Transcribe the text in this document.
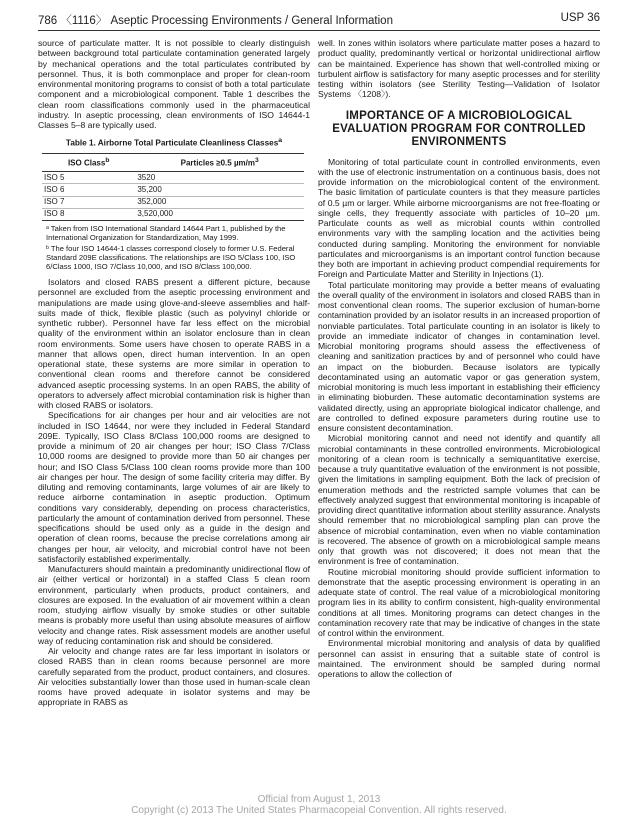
786 〈1116〉 Aseptic Processing Environments / General Information	USP 36

source of particulate matter. It is not possible to clearly distinguish between background total particulate contamination generated largely by mechanical operations and the total particulates contributed by personnel. Thus, it is both commonplace and proper for clean-room environmental monitoring programs to consist of both a total particulate component and a microbiological component. Table 1 describes the clean room classifications commonly used in the pharmaceutical industry. In aseptic processing, clean environments of ISO 14644-1 Classes 5–8 are typically used.

Table 1. Airborne Total Particulate Cleanliness Classes$^a$
ISO Class$^b$	Particles ≥0.5 $\mu m/m^3$
ISO 5	3520
ISO 6	35,200
ISO 7	352,000
ISO 8	3,520,000
ᵃ Taken from ISO International Standard 14644 Part 1, published by the International Organization for Standardization, May 1999.
ᵇ The four ISO 14644-1 classes correspond closely to former U.S. Federal Standard 209E classifications. The relationships are ISO 5/Class 100, ISO 6/Class 1000, ISO 7/Class 10,000, and ISO 8/Class 100,000.

Isolators and closed RABS present a different picture, because personnel are excluded from the aseptic processing environment and manipulations are made using glove-and-sleeve assemblies and half-suits made of thick, flexible plastic (such as polyvinyl chloride or synthetic rubber). Personnel have far less effect on the microbial quality of the environment within an isolator enclosure than in clean room environments. Some users have chosen to operate RABS in a manner that allows open, direct human intervention. In an open operational state, these systems are more similar in operation to conventional clean rooms and therefore cannot be considered advanced aseptic processing systems. In an open RABS, the ability of operators to adversely affect microbial contamination risk is higher than with closed RABS or isolators.

Specifications for air changes per hour and air velocities are not included in ISO 14644, nor were they included in Federal Standard 209E. Typically, ISO Class 8/Class 100,000 rooms are designed to provide a minimum of 20 air changes per hour; ISO Class 7/Class 10,000 rooms are designed to provide more than 50 air changes per hour; and ISO Class 5/Class 100 clean rooms provide more than 100 air changes per hour. The design of some facility criteria may differ. By diluting and removing contaminants, large volumes of air are likely to reduce airborne contamination in aseptic production. Optimum conditions vary considerably, depending on process characteristics, particularly the amount of contamination derived from personnel. These specifications should be used only as a guide in the design and operation of clean rooms, because the precise correlations among air changes per hour, air velocity, and microbial control have not been satisfactorily established experimentally.

Manufacturers should maintain a predominantly unidirectional flow of air (either vertical or horizontal) in a staffed Class 5 clean room environment, particularly when products, product containers, and closures are exposed. In the evaluation of air movement within a clean room, studying airflow visually by smoke studies or other suitable means is probably more useful than using absolute measures of airflow velocity and change rates. Risk assessment models are another useful way of reducing contamination risk and should be considered.

Air velocity and change rates are far less important in isolators or closed RABS than in clean rooms because personnel are more carefully separated from the product, product containers, and closures. Air velocities substantially lower than those used in human-scale clean rooms have proved adequate in isolator systems and may be appropriate in RABS as

well. In zones within isolators where particulate matter poses a hazard to product quality, predominantly vertical or horizontal unidirectional airflow can be maintained. Experience has shown that well-controlled mixing or turbulent airflow is satisfactory for many aseptic processes and for sterility testing within isolators (see Sterility Testing—Validation of Isolator Systems 〈1208〉).

IMPORTANCE OF A MICROBIOLOGICAL EVALUATION PROGRAM FOR CONTROLLED ENVIRONMENTS

Monitoring of total particulate count in controlled environments, even with the use of electronic instrumentation on a continuous basis, does not provide information on the microbiological content of the environment. The basic limitation of particulate counters is that they measure particles of 0.5 µm or larger. While airborne microorganisms are not free-floating or single cells, they frequently associate with particles of 10–20 µm. Particulate counts as well as microbial counts within controlled environments vary with the sampling location and the activities being conducted during sampling. Monitoring the environment for nonviable particulates and microorganisms is an important control function because they both are important in achieving product compendial requirements for Foreign and Particulate Matter and Sterility in Injections (1).

Total particulate monitoring may provide a better means of evaluating the overall quality of the environment in isolators and closed RABS than in most conventional clean rooms. The superior exclusion of human-borne contamination provided by an isolator results in an increased proportion of nonviable particulates. Total particulate counting in an isolator is likely to provide an immediate indicator of changes in contamination level. Microbial monitoring programs should assess the effectiveness of cleaning and sanitization practices by and of personnel who could have an impact on the bioburden. Because isolators are typically decontaminated using an automatic vapor or gas generation system, microbial monitoring is much less important in establishing their efficiency in eliminating bioburden. These automatic decontamination systems are validated directly, using an appropriate biological indicator challenge, and are controlled to defined exposure parameters during routine use to ensure consistent decontamination.

Microbial monitoring cannot and need not identify and quantify all microbial contaminants in these controlled environments. Microbiological monitoring of a clean room is technically a semiquantitative exercise, because a truly quantitative evaluation of the environment is not possible, given the limitations in sampling equipment. Both the lack of precision of enumeration methods and the restricted sample volumes that can be effectively analyzed suggest that environmental monitoring is incapable of providing direct quantitative information about sterility assurance. Analysts should remember that no microbiological sampling plan can prove the absence of microbial contamination, even when no viable contamination is recovered. The absence of growth on a microbiological sample means only that growth was not discovered; it does not mean that the environment is free of contamination.

Routine microbial monitoring should provide sufficient information to demonstrate that the aseptic processing environment is operating in an adequate state of control. The real value of a microbiological monitoring program lies in its ability to confirm consistent, high-quality environmental conditions at all times. Monitoring programs can detect changes in the contamination recovery rate that may be indicative of changes in the state of control within the environment.

Environmental microbial monitoring and analysis of data by qualified personnel can assist in ensuring that a suitable state of control is maintained. The environment should be sampled during normal operations to allow the collection of

Official from August 1, 2013
Copyright (c) 2013 The United States Pharmacopeial Convention. All rights reserved.
